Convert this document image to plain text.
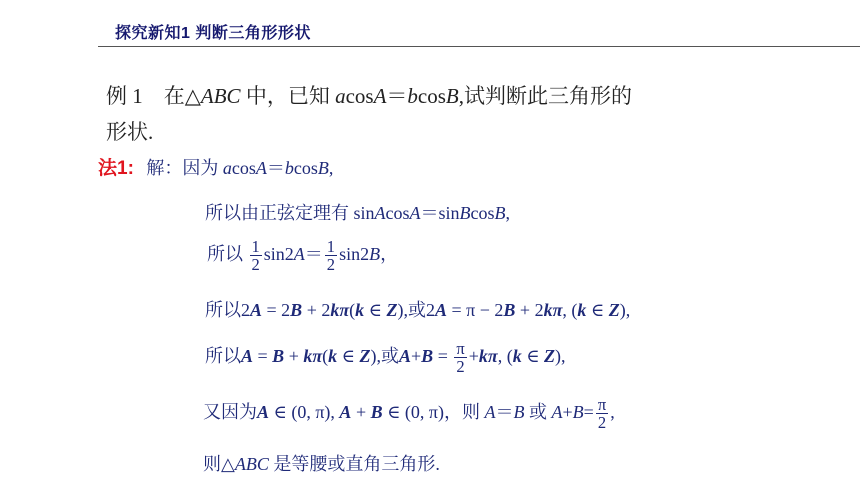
探究新知1 判断三角形形状
例 1 在△ABC 中，已知 acosA＝bcosB,试判断此三角形的
形状.
法1: 解：因为 acosA＝bcosB,
所以由正弦定理有 sinAcosA＝sinBcosB,
所以 $\frac{1}{2} \sin 2A= \frac{1}{2} \sin 2B$，
所以2A = 2B + 2kπ(k ∈ Z),或2A = π − 2B + 2kπ, (k ∈ Z),
所以A = B + kπ(k ∈ Z),或$A+B = \frac{\pi}{2} +k\pi$, (k ∈ Z),
又因为A ∈ (0, π), A + B ∈ (0, π)，则 A＝B 或 $A+B= \frac{\pi}{2}$ ,
则△ABC 是等腰或直角三角形.
